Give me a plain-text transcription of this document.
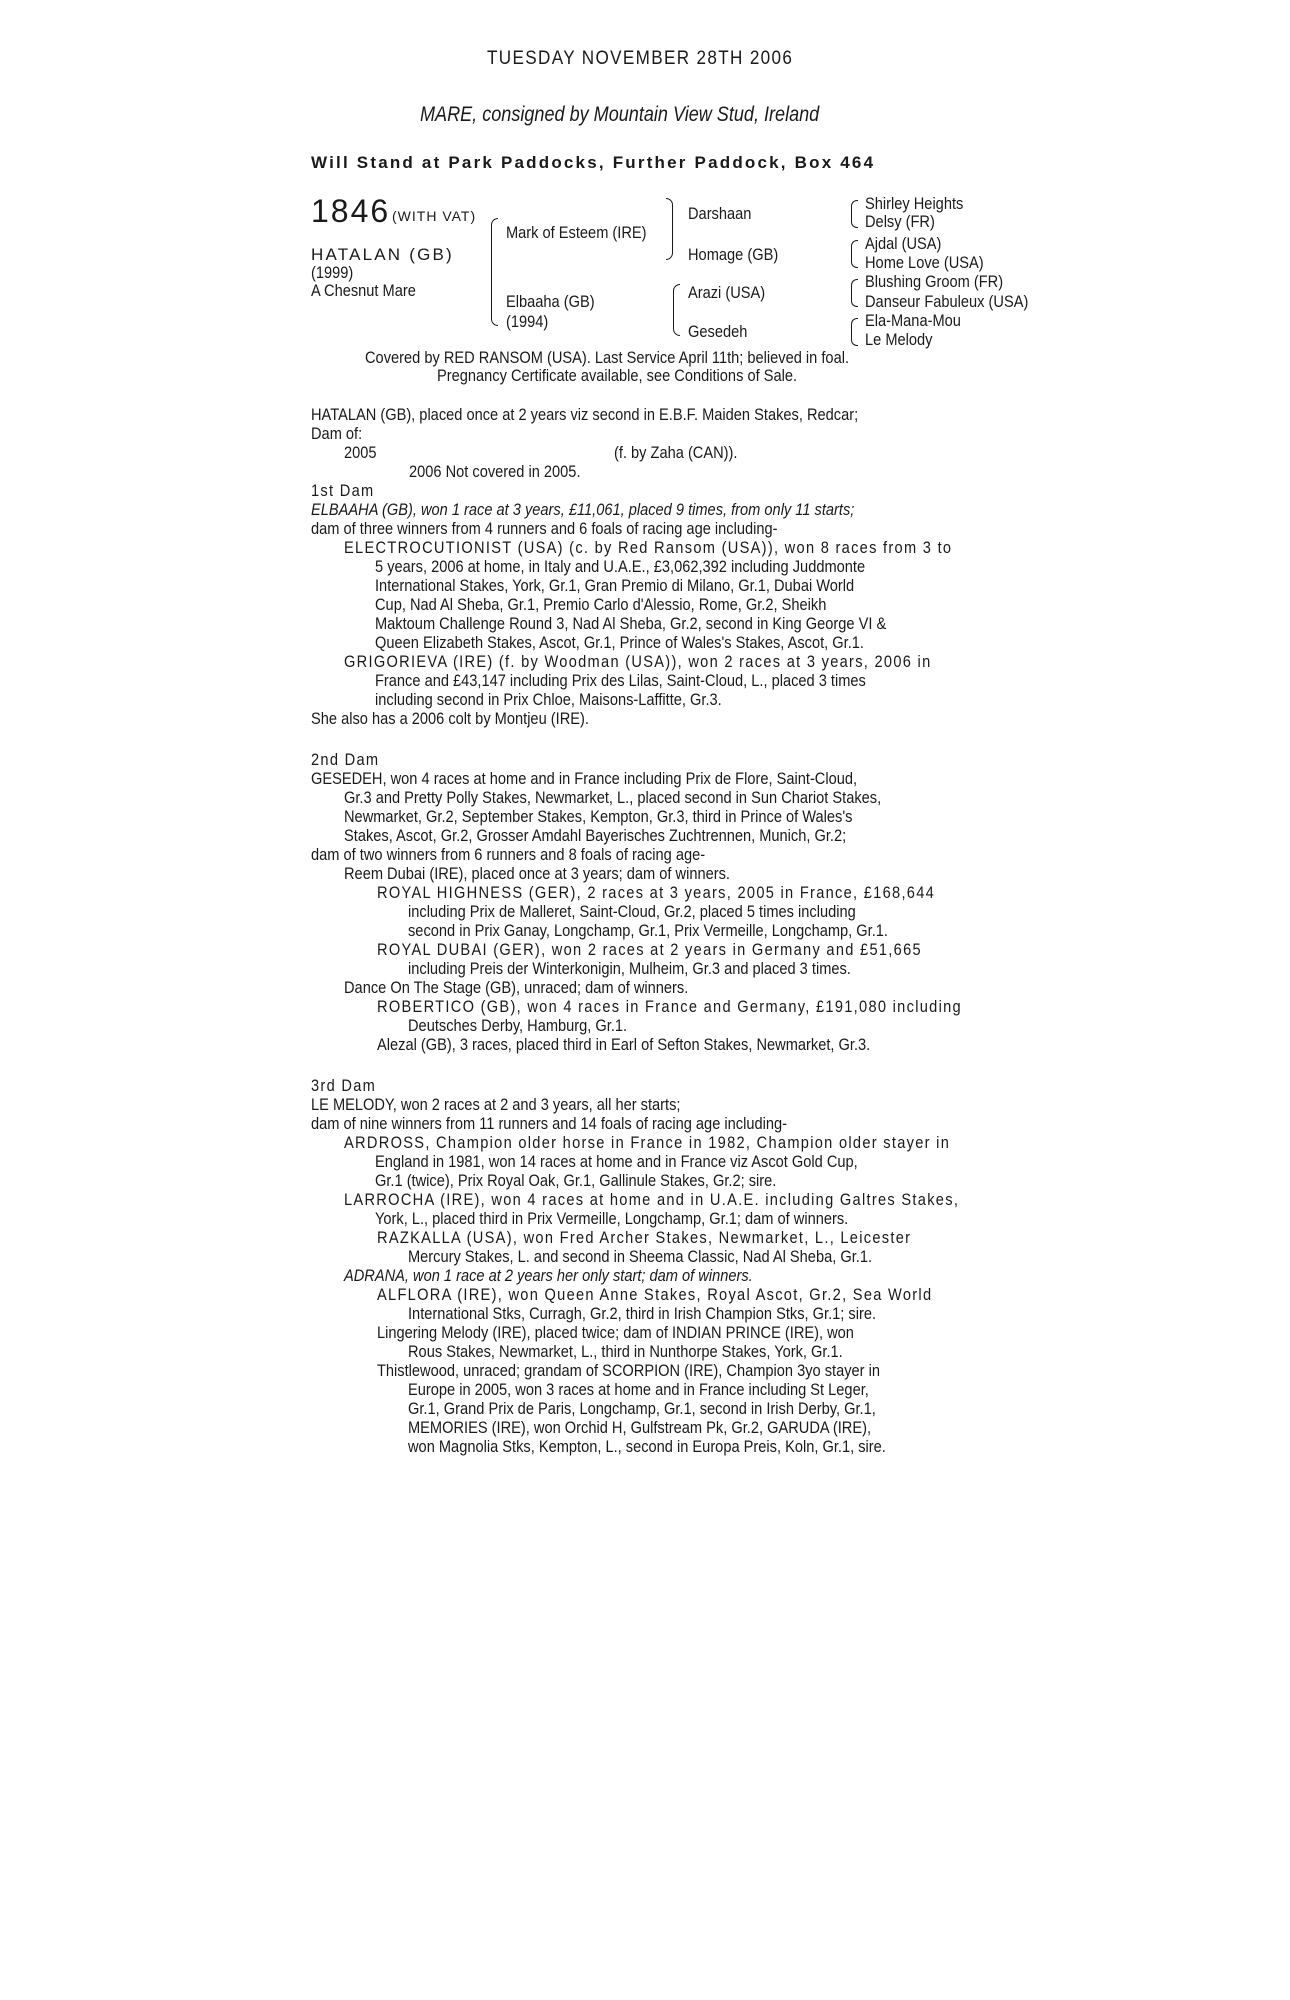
TUESDAY NOVEMBER 28TH 2006
MARE, consigned by Mountain View Stud, Ireland
Will Stand at Park Paddocks, Further Paddock, Box 464
1846 (WITH VAT)
HATALAN (GB)
(1999)
A Chesnut Mare
Mark of Esteem (IRE)
Elbaaha (GB)
(1994)
Darshaan
Homage (GB)
Arazi (USA)
Gesedeh
Shirley Heights
Delsy (FR)
Ajdal (USA)
Home Love (USA)
Blushing Groom (FR)
Danseur Fabuleux (USA)
Ela-Mana-Mou
Le Melody
Covered by RED RANSOM (USA). Last Service April 11th; believed in foal.
Pregnancy Certificate available, see Conditions of Sale.
HATALAN (GB), placed once at 2 years viz second in E.B.F. Maiden Stakes, Redcar;
Dam of:
2005	(f. by Zaha (CAN)).
2006 Not covered in 2005.
1st Dam
ELBAAHA (GB), won 1 race at 3 years, £11,061, placed 9 times, from only 11 starts;
dam of three winners from 4 runners and 6 foals of racing age including-
ELECTROCUTIONIST (USA) (c. by Red Ransom (USA)), won 8 races from 3 to
5 years, 2006 at home, in Italy and U.A.E., £3,062,392 including Juddmonte
International Stakes, York, Gr.1, Gran Premio di Milano, Gr.1, Dubai World
Cup, Nad Al Sheba, Gr.1, Premio Carlo d'Alessio, Rome, Gr.2, Sheikh
Maktoum Challenge Round 3, Nad Al Sheba, Gr.2, second in King George VI &
Queen Elizabeth Stakes, Ascot, Gr.1, Prince of Wales's Stakes, Ascot, Gr.1.
GRIGORIEVA (IRE) (f. by Woodman (USA)), won 2 races at 3 years, 2006 in
France and £43,147 including Prix des Lilas, Saint-Cloud, L., placed 3 times
including second in Prix Chloe, Maisons-Laffitte, Gr.3.
She also has a 2006 colt by Montjeu (IRE).
2nd Dam
GESEDEH, won 4 races at home and in France including Prix de Flore, Saint-Cloud,
Gr.3 and Pretty Polly Stakes, Newmarket, L., placed second in Sun Chariot Stakes,
Newmarket, Gr.2, September Stakes, Kempton, Gr.3, third in Prince of Wales's
Stakes, Ascot, Gr.2, Grosser Amdahl Bayerisches Zuchtrennen, Munich, Gr.2;
dam of two winners from 6 runners and 8 foals of racing age-
Reem Dubai (IRE), placed once at 3 years; dam of winners.
ROYAL HIGHNESS (GER), 2 races at 3 years, 2005 in France, £168,644
including Prix de Malleret, Saint-Cloud, Gr.2, placed 5 times including
second in Prix Ganay, Longchamp, Gr.1, Prix Vermeille, Longchamp, Gr.1.
ROYAL DUBAI (GER), won 2 races at 2 years in Germany and £51,665
including Preis der Winterkonigin, Mulheim, Gr.3 and placed 3 times.
Dance On The Stage (GB), unraced; dam of winners.
ROBERTICO (GB), won 4 races in France and Germany, £191,080 including
Deutsches Derby, Hamburg, Gr.1.
Alezal (GB), 3 races, placed third in Earl of Sefton Stakes, Newmarket, Gr.3.
3rd Dam
LE MELODY, won 2 races at 2 and 3 years, all her starts;
dam of nine winners from 11 runners and 14 foals of racing age including-
ARDROSS, Champion older horse in France in 1982, Champion older stayer in
England in 1981, won 14 races at home and in France viz Ascot Gold Cup,
Gr.1 (twice), Prix Royal Oak, Gr.1, Gallinule Stakes, Gr.2; sire.
LARROCHA (IRE), won 4 races at home and in U.A.E. including Galtres Stakes,
York, L., placed third in Prix Vermeille, Longchamp, Gr.1; dam of winners.
RAZKALLA (USA), won Fred Archer Stakes, Newmarket, L., Leicester
Mercury Stakes, L. and second in Sheema Classic, Nad Al Sheba, Gr.1.
ADRANA, won 1 race at 2 years her only start; dam of winners.
ALFLORA (IRE), won Queen Anne Stakes, Royal Ascot, Gr.2, Sea World
International Stks, Curragh, Gr.2, third in Irish Champion Stks, Gr.1; sire.
Lingering Melody (IRE), placed twice; dam of INDIAN PRINCE (IRE), won
Rous Stakes, Newmarket, L., third in Nunthorpe Stakes, York, Gr.1.
Thistlewood, unraced; grandam of SCORPION (IRE), Champion 3yo stayer in
Europe in 2005, won 3 races at home and in France including St Leger,
Gr.1, Grand Prix de Paris, Longchamp, Gr.1, second in Irish Derby, Gr.1,
MEMORIES (IRE), won Orchid H, Gulfstream Pk, Gr.2, GARUDA (IRE),
won Magnolia Stks, Kempton, L., second in Europa Preis, Koln, Gr.1, sire.
